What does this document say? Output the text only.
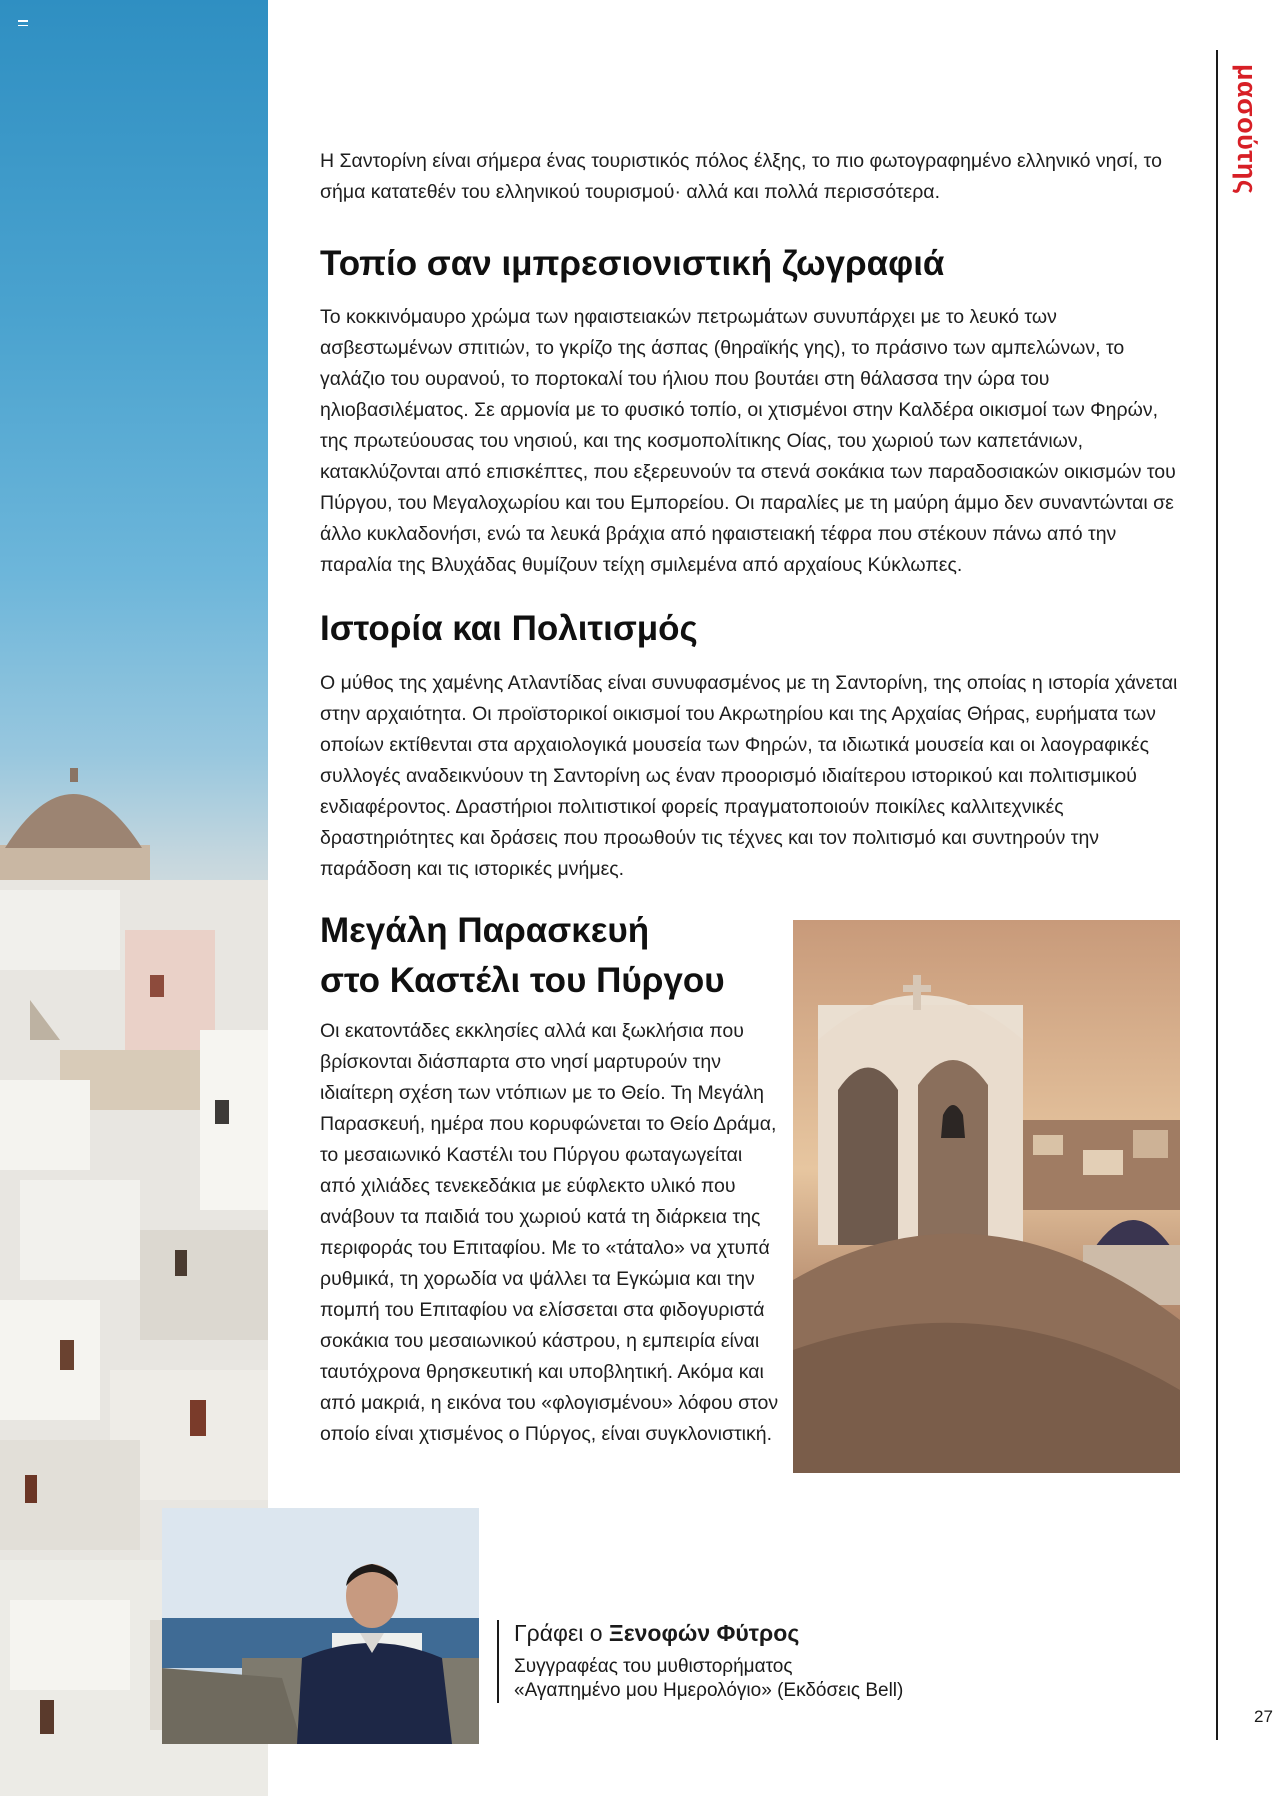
μασούτης
27

Η Σαντορίνη είναι σήμερα ένας τουριστικός πόλος έλξης, το πιο φωτογραφημένο ελληνικό νησί, το σήμα κατατεθέν του ελληνικού τουρισμού· αλλά και πολλά περισσότερα.

Τοπίο σαν ιμπρεσιονιστική ζωγραφιά

Το κοκκινόμαυρο χρώμα των ηφαιστειακών πετρωμάτων συνυπάρχει με το λευκό των ασβεστωμένων σπιτιών, το γκρίζο της άσπας (θηραϊκής γης), το πράσινο των αμπελώνων, το γαλάζιο του ουρανού, το πορτοκαλί του ήλιου που βουτάει στη θάλασσα την ώρα του ηλιοβασιλέματος. Σε αρμονία με το φυσικό τοπίο, οι χτισμένοι στην Καλδέρα οικισμοί των Φηρών, της πρωτεύουσας του νησιού, και της κοσμοπολίτικης Οίας, του χωριού των καπετάνιων, κατακλύζονται από επισκέπτες, που εξερευνούν τα στενά σοκάκια των παραδοσιακών οικισμών του Πύργου, του Μεγαλοχωρίου και του Εμπορείου. Οι παραλίες με τη μαύρη άμμο δεν συναντώνται σε άλλο κυκλαδονήσι, ενώ τα λευκά βράχια από ηφαιστειακή τέφρα που στέκουν πάνω από την παραλία της Βλυχάδας θυμίζουν τείχη σμιλεμένα από αρχαίους Κύκλωπες.

Ιστορία και Πολιτισμός

Ο μύθος της χαμένης Ατλαντίδας είναι συνυφασμένος με τη Σαντορίνη, της οποίας η ιστορία χάνεται στην αρχαιότητα. Οι προϊστορικοί οικισμοί του Ακρωτηρίου και της Αρχαίας Θήρας, ευρήματα των οποίων εκτίθενται στα αρχαιολογικά μουσεία των Φηρών, τα ιδιωτικά μουσεία και οι λαογραφικές συλλογές αναδεικνύουν τη Σαντορίνη ως έναν προορισμό ιδιαίτερου ιστορικού και πολιτισμικού ενδιαφέροντος. Δραστήριοι πολιτιστικοί φορείς πραγματοποιούν ποικίλες καλλιτεχνικές δραστηριότητες και δράσεις που προωθούν τις τέχνες και τον πολιτισμό και συντηρούν την παράδοση και τις ιστορικές μνήμες.

Μεγάλη Παρασκευή
στο Καστέλι του Πύργου

Οι εκατοντάδες εκκλησίες αλλά και ξωκλήσια που βρίσκονται διάσπαρτα στο νησί μαρτυρούν την ιδιαίτερη σχέση των ντόπιων με το Θείο. Τη Μεγάλη Παρασκευή, ημέρα που κορυφώνεται το Θείο Δράμα, το μεσαιωνικό Καστέλι του Πύργου φωταγωγείται από χιλιάδες τενεκεδάκια με εύφλεκτο υλικό που ανάβουν τα παιδιά του χωριού κατά τη διάρκεια της περιφοράς του Επιταφίου. Με το «τάταλο» να χτυπά ρυθμικά, τη χορωδία να ψάλλει τα Εγκώμια και την πομπή του Επιταφίου να ελίσσεται στα φιδογυριστά σοκάκια του μεσαιωνικού κάστρου, η εμπειρία είναι ταυτόχρονα θρησκευτική και υποβλητική. Ακόμα και από μακριά, η εικόνα του «φλογισμένου» λόφου στον οποίο είναι χτισμένος ο Πύργος, είναι συγκλονιστική.

Γράφει ο Ξενοφών Φύτρος

Συγγραφέας του μυθιστορήματος

«Αγαπημένο μου Ημερολόγιο» (Εκδόσεις Bell)
